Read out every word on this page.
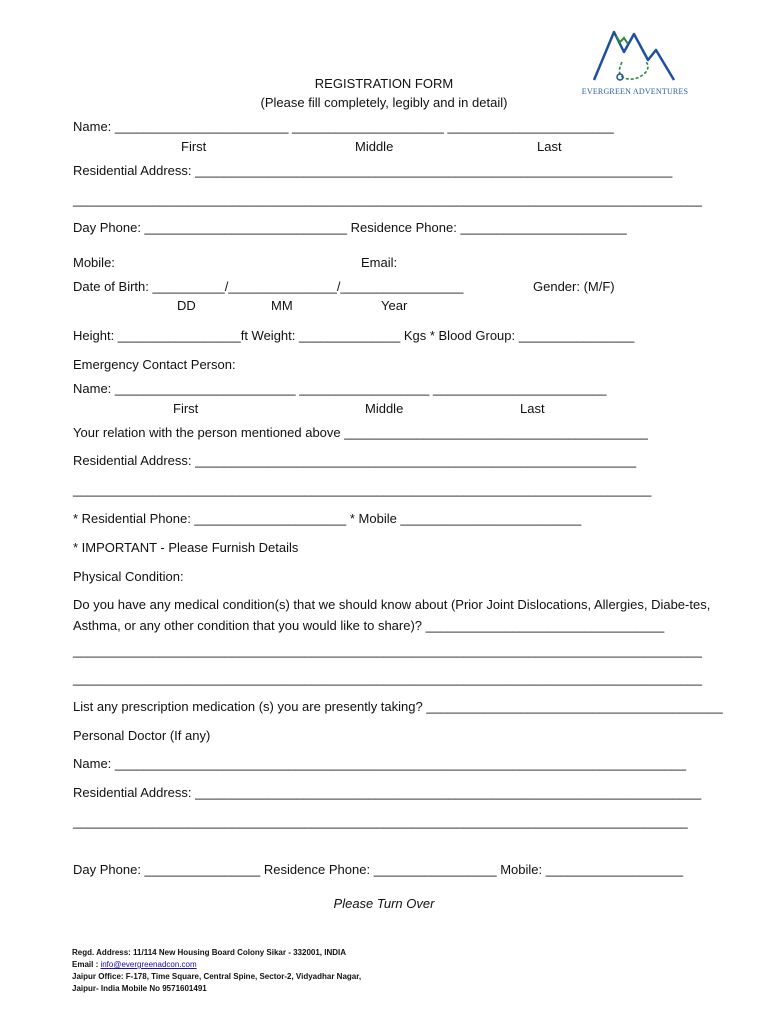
EVERGREEN ADVENTURES
REGISTRATION FORM
(Please fill completely, legibly and in detail)
Name: ________________________ _____________________ _______________________
First	Middle	Last
Residential Address: __________________________________________________________________
_______________________________________________________________________________________
Day Phone: ____________________________ Residence Phone: _______________________
Mobile:	Email:
Date of Birth: __________/_______________/_________________	Gender: (M/F)
DD	MM	Year
Height: _________________ft Weight: ______________ Kgs * Blood Group: ________________
Emergency Contact Person:
Name: _________________________ __________________ ________________________
First	Middle	Last
Your relation with the person mentioned above __________________________________________
Residential Address: _____________________________________________________________
________________________________________________________________________________
* Residential Phone: _____________________ * Mobile _________________________
* IMPORTANT - Please Furnish Details
Physical Condition:
Do you have any medical condition(s) that we should know about (Prior Joint Dislocations, Allergies, Diabe-tes,
Asthma, or any other condition that you would like to share)? _________________________________
_______________________________________________________________________________________
_______________________________________________________________________________________
List any prescription medication (s) you are presently taking? _________________________________________
Personal Doctor (If any)
Name: _______________________________________________________________________________
Residential Address: ______________________________________________________________________
_____________________________________________________________________________________
Day Phone: ________________ Residence Phone: _________________ Mobile: ___________________
Please Turn Over
Regd. Address: 11/114 New Housing Board Colony Sikar - 332001, INDIA
Email : info@evergreenadcon.com
Jaipur Office: F-178, Time Square, Central Spine, Sector-2, Vidyadhar Nagar,
Jaipur- India Mobile No 9571601491
